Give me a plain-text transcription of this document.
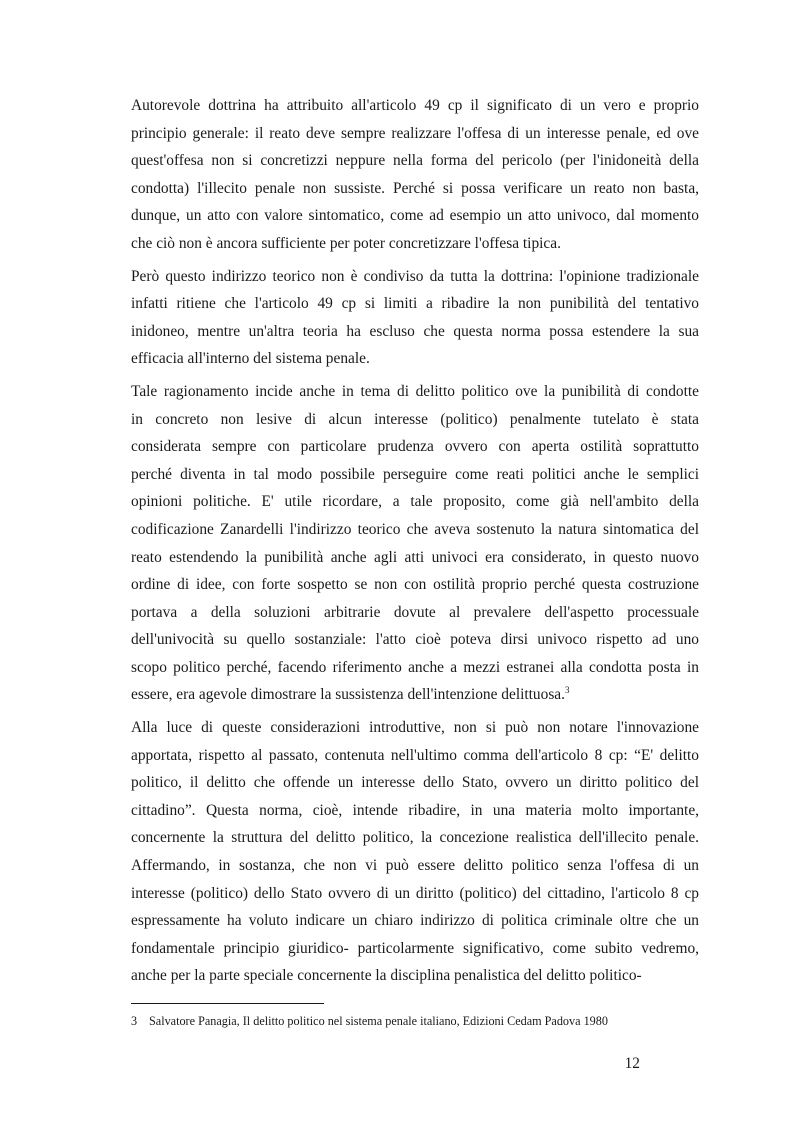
Autorevole dottrina ha attribuito all'articolo 49 cp il significato di un vero e proprio
principio generale: il reato deve sempre realizzare l'offesa di un interesse penale, ed ove
quest'offesa non si concretizzi neppure nella forma del pericolo (per l'inidoneità della
condotta) l'illecito penale non sussiste. Perché si possa verificare un reato non basta,
dunque, un atto con valore sintomatico, come ad esempio un atto univoco, dal momento
che ciò non è ancora sufficiente per poter concretizzare l'offesa tipica.

Però questo indirizzo teorico non è condiviso da tutta la dottrina: l'opinione tradizionale
infatti ritiene che l'articolo 49 cp si limiti a ribadire la non punibilità del tentativo
inidoneo, mentre un'altra teoria ha escluso che questa norma possa estendere la sua
efficacia all'interno del sistema penale.

Tale ragionamento incide anche in tema di delitto politico ove la punibilità di condotte
in concreto non lesive di alcun interesse (politico) penalmente tutelato è stata
considerata sempre con particolare prudenza ovvero con aperta ostilità soprattutto
perché diventa in tal modo possibile perseguire come reati politici anche le semplici
opinioni politiche. E' utile ricordare, a tale proposito, come già nell'ambito della
codificazione Zanardelli l'indirizzo teorico che aveva sostenuto la natura sintomatica del
reato estendendo la punibilità anche agli atti univoci era considerato, in questo nuovo
ordine di idee, con forte sospetto se non con ostilità proprio perché questa costruzione
portava a della soluzioni arbitrarie dovute al prevalere dell'aspetto processuale
dell'univocità su quello sostanziale: l'atto cioè poteva dirsi univoco rispetto ad uno
scopo politico perché, facendo riferimento anche a mezzi estranei alla condotta posta in
essere, era agevole dimostrare la sussistenza dell'intenzione delittuosa.$^3$

Alla luce di queste considerazioni introduttive, non si può non notare l'innovazione
apportata, rispetto al passato, contenuta nell'ultimo comma dell'articolo 8 cp: “E' delitto
politico, il delitto che offende un interesse dello Stato, ovvero un diritto politico del
cittadino”. Questa norma, cioè, intende ribadire, in una materia molto importante,
concernente la struttura del delitto politico, la concezione realistica dell'illecito penale.
Affermando, in sostanza, che non vi può essere delitto politico senza l'offesa di un
interesse (politico) dello Stato ovvero di un diritto (politico) del cittadino, l'articolo 8 cp
espressamente ha voluto indicare un chiaro indirizzo di politica criminale oltre che un
fondamentale principio giuridico- particolarmente significativo, come subito vedremo,
anche per la parte speciale concernente la disciplina penalistica del delitto politico-

3 Salvatore Panagia, Il delitto politico nel sistema penale italiano, Edizioni Cedam Padova 1980
12
